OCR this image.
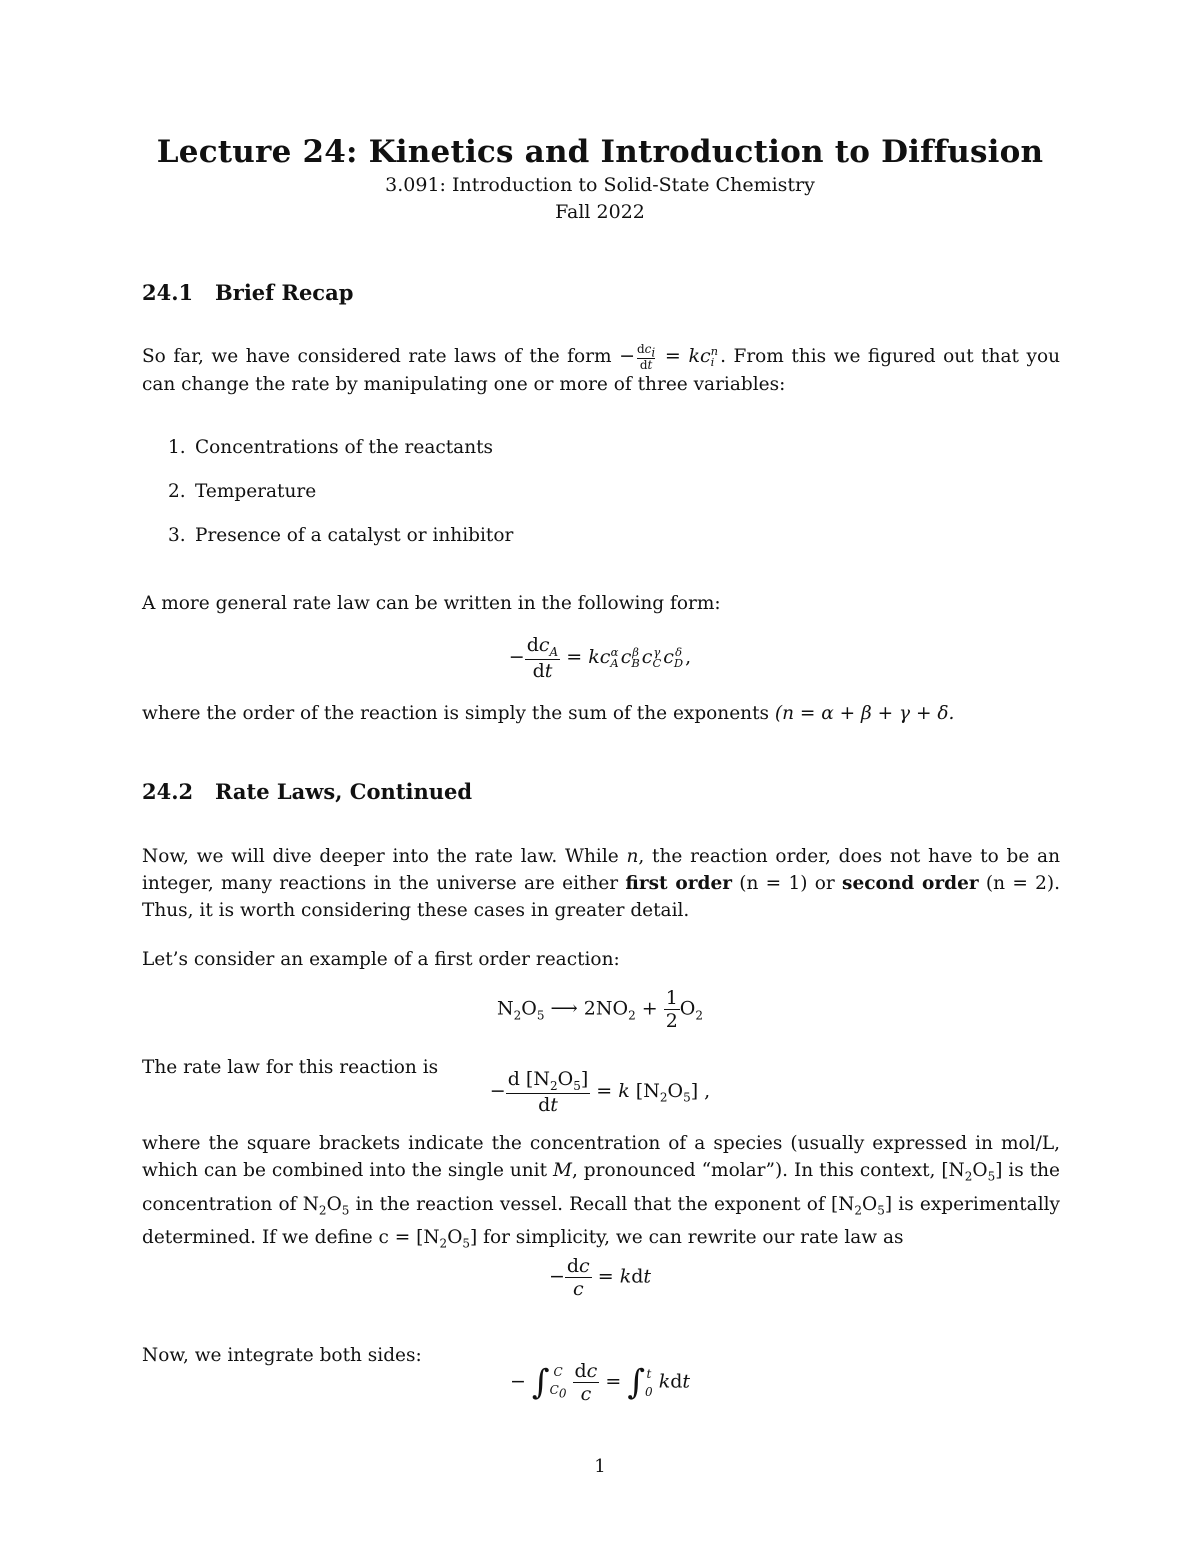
Lecture 24: Kinetics and Introduction to Diffusion
3.091: Introduction to Solid-State Chemistry
Fall 2022
24.1 Brief Recap
So far, we have considered rate laws of the form − $dc_i$
dt = kc n
i . From this we figured out that you can change the rate by manipulating one or more of three variables:
1. Concentrations of the reactants
2. Temperature
3. Presence of a catalyst or inhibitor
A more general rate law can be written in the following form:
− $\frac{dc_A}{dt}$ = kc α
A c β
B c γ
C c δ
D ,
where the order of the reaction is simply the sum of the exponents (n = α + β + γ + δ.
24.2 Rate Laws, Continued
Now, we will dive deeper into the rate law. While n, the reaction order, does not have to be an integer, many reactions in the universe are either first order (n = 1) or second order (n = 2). Thus, it is worth considering these cases in greater detail.
Let’s consider an example of a first order reaction:
$N_2O_5$ ⟶ $2NO_2 + \frac{1}{2} O_2$
The rate law for this reaction is
− $\frac{d [N_2O_5]}{dt} = k$ $[N_2O_5]$ ,
where the square brackets indicate the concentration of a species (usually expressed in mol/L, which can be combined into the single unit M, pronounced “molar”). In this context, $[N_2O_5]$ is the concentration of $N_2O_5$ in the reaction vessel. Recall that the exponent of $[N_2O_5]$ is experimentally determined. If we define $c = [N_2O_5]$ for simplicity, we can rewrite our rate law as
− $\frac{dc}{c}$ = kdt
Now, we integrate both sides:
− ∫ C
$C_0$
$\frac{dc}{c}$ = ∫ t
0 kdt
1
